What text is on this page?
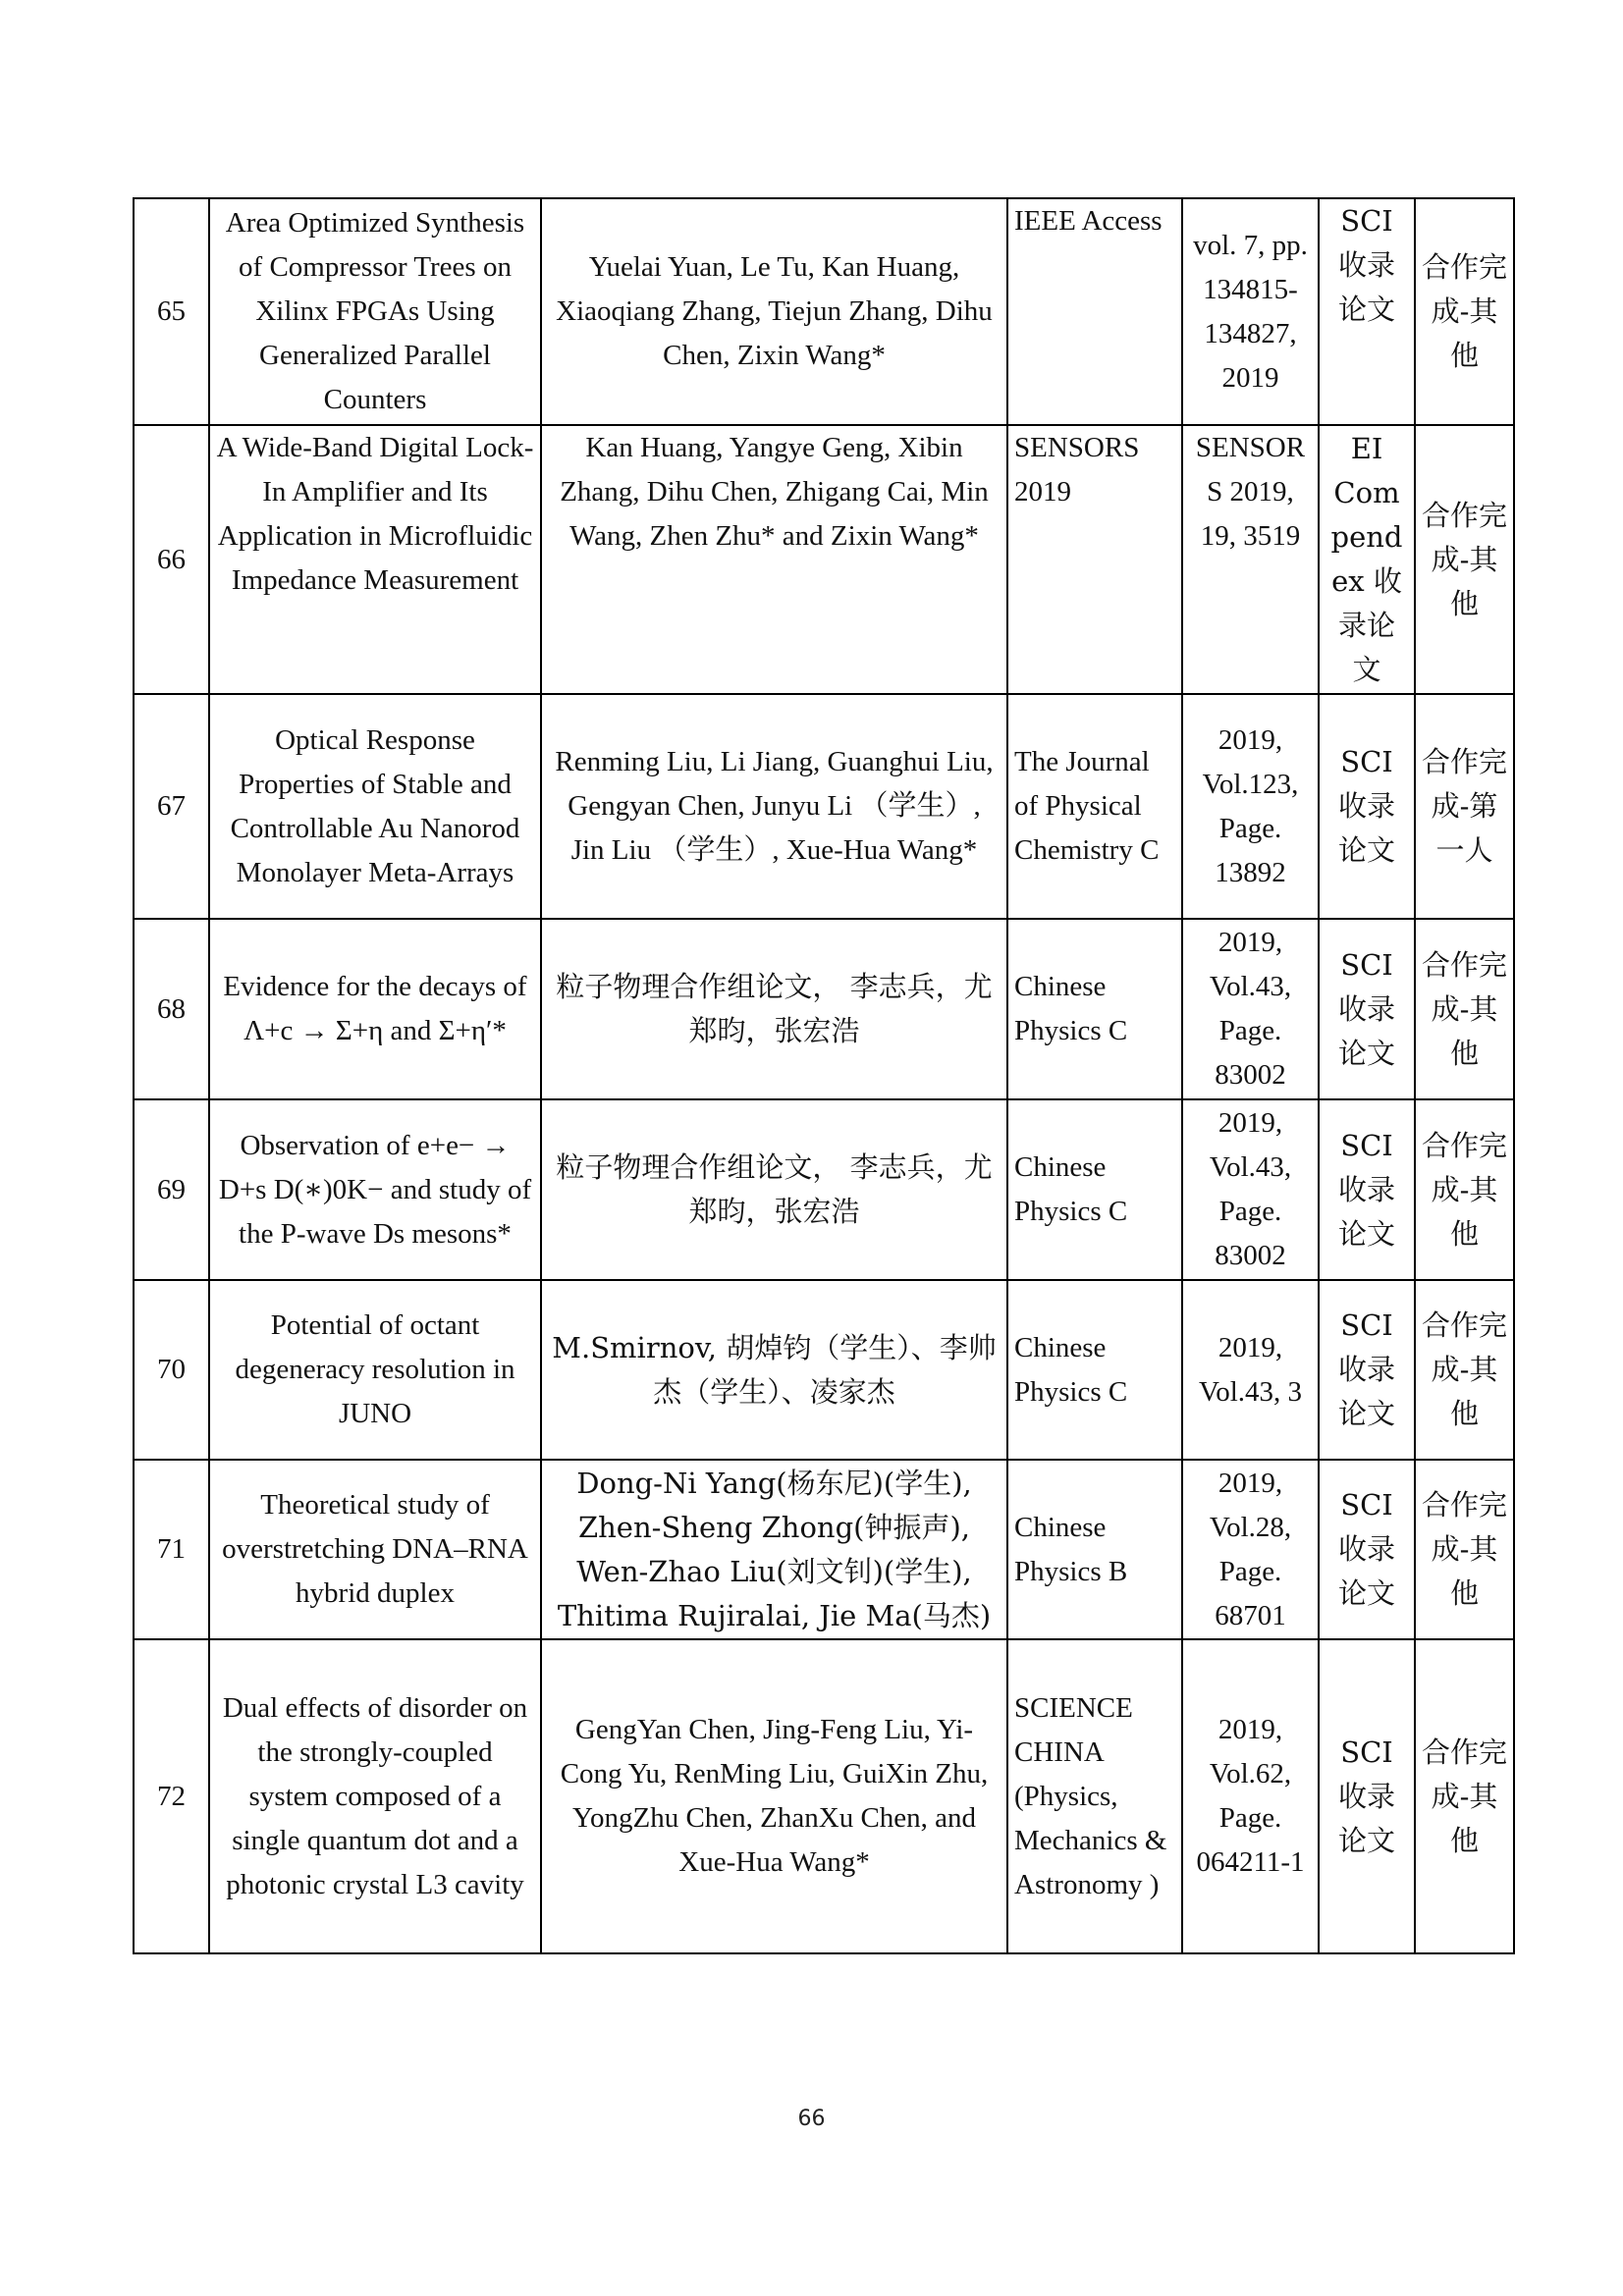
65	Area Optimized Synthesis of Compressor Trees on Xilinx FPGAs Using Generalized Parallel Counters	Yuelai Yuan, Le Tu, Kan Huang, Xiaoqiang Zhang, Tiejun Zhang, Dihu Chen, Zixin Wang*	IEEE Access	vol. 7, pp. 134815-134827, 2019	SCI 收录论文	合作完成-其他
66	A Wide-Band Digital Lock-In Amplifier and Its Application in Microfluidic Impedance Measurement	Kan Huang, Yangye Geng, Xibin Zhang, Dihu Chen, Zhigang Cai, Min Wang, Zhen Zhu* and Zixin Wang*	SENSORS 2019	SENSORS 2019, 19, 3519	EI Compendex 收录论文	合作完成-其他
67	Optical Response Properties of Stable and Controllable Au Nanorod Monolayer Meta-Arrays	Renming Liu, Li Jiang, Guanghui Liu, Gengyan Chen, Junyu Li （学生）, Jin Liu （学生）, Xue-Hua Wang*	The Journal of Physical Chemistry C	2019, Vol.123, Page. 13892	SCI 收录论文	合作完成-第一人
68	Evidence for the decays of Λ+c → Σ+η and Σ+η′*	粒子物理合作组论文， 李志兵，尤郑昀，张宏浩	Chinese Physics C	2019, Vol.43, Page. 83002	SCI 收录论文	合作完成-其他
69	Observation of e+e− → D+s D(∗)0K− and study of the P-wave Ds mesons*	粒子物理合作组论文， 李志兵，尤郑昀，张宏浩	Chinese Physics C	2019, Vol.43, Page. 83002	SCI 收录论文	合作完成-其他
70	Potential of octant degeneracy resolution in JUNO	M.Smirnov, 胡焯钧（学生）、李帅杰（学生）、凌家杰	Chinese Physics C	2019, Vol.43, 3	SCI 收录论文	合作完成-其他
71	Theoretical study of overstretching DNA–RNA hybrid duplex	Dong-Ni Yang(杨东尼)(学生), Zhen-Sheng Zhong(钟振声), Wen-Zhao Liu(刘文钊)(学生), Thitima Rujiralai, Jie Ma(马杰)	Chinese Physics B	2019, Vol.28, Page. 68701	SCI 收录论文	合作完成-其他
72	Dual effects of disorder on the strongly-coupled system composed of a single quantum dot and a photonic crystal L3 cavity	GengYan Chen, Jing-Feng Liu, Yi-Cong Yu, RenMing Liu, GuiXin Zhu, YongZhu Chen, ZhanXu Chen, and Xue-Hua Wang*	SCIENCE CHINA (Physics, Mechanics & Astronomy )	2019, Vol.62, Page. 064211-1	SCI 收录论文	合作完成-其他
66
